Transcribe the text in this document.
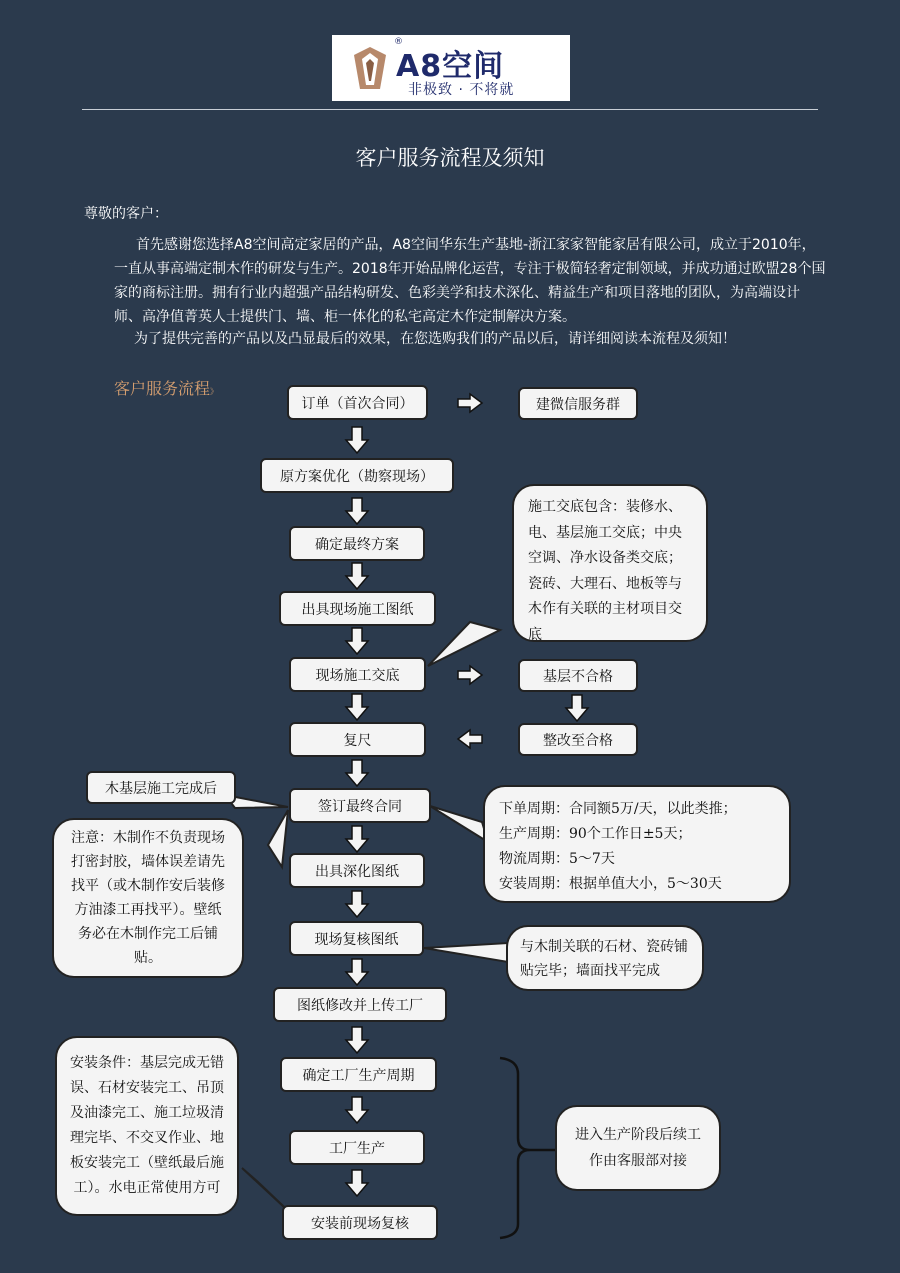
®
A8空间
非极致 · 不将就
客户服务流程及须知
尊敬的客户：

首先感谢您选择A8空间高定家居的产品，A8空间华东生产基地-浙江家家智能家居有限公司，成立于2010年，一直从事高端定制木作的研发与生产。2018年开始品牌化运营，专注于极简轻奢定制领域，并成功通过欧盟28个国家的商标注册。拥有行业内超强产品结构研发、色彩美学和技术深化、精益生产和项目落地的团队，为高端设计师、高净值菁英人士提供门、墙、柜一体化的私宅高定木作定制解决方案。

为了提供完善的产品以及凸显最后的效果，在您选购我们的产品以后，请详细阅读本流程及须知！
客户服务流程》
订单（首次合同）
原方案优化（勘察现场）
确定最终方案
出具现场施工图纸
现场施工交底
复尺
签订最终合同
出具深化图纸
现场复核图纸
图纸修改并上传工厂
确定工厂生产周期
工厂生产
安装前现场复核
建微信服务群
基层不合格
整改至合格
木基层施工完成后
施工交底包含：装修水、电、基层施工交底；中央空调、净水设备类交底；瓷砖、大理石、地板等与木作有关联的主材项目交底
下单周期：合同额5万/天，以此类推；
生产周期：90个工作日±5天；
物流周期：5～7天
安装周期：根据单值大小，5～30天
注意：木制作不负责现场打密封胶，墙体误差请先找平（或木制作安后装修方油漆工再找平）。壁纸务必在木制作完工后铺贴。
与木制关联的石材、瓷砖铺贴完毕；墙面找平完成
安装条件：基层完成无错误、石材安装完工、吊顶及油漆完工、施工垃圾清理完毕、不交叉作业、地板安装完工（壁纸最后施工）。水电正常使用方可
进入生产阶段后续工作由客服部对接
